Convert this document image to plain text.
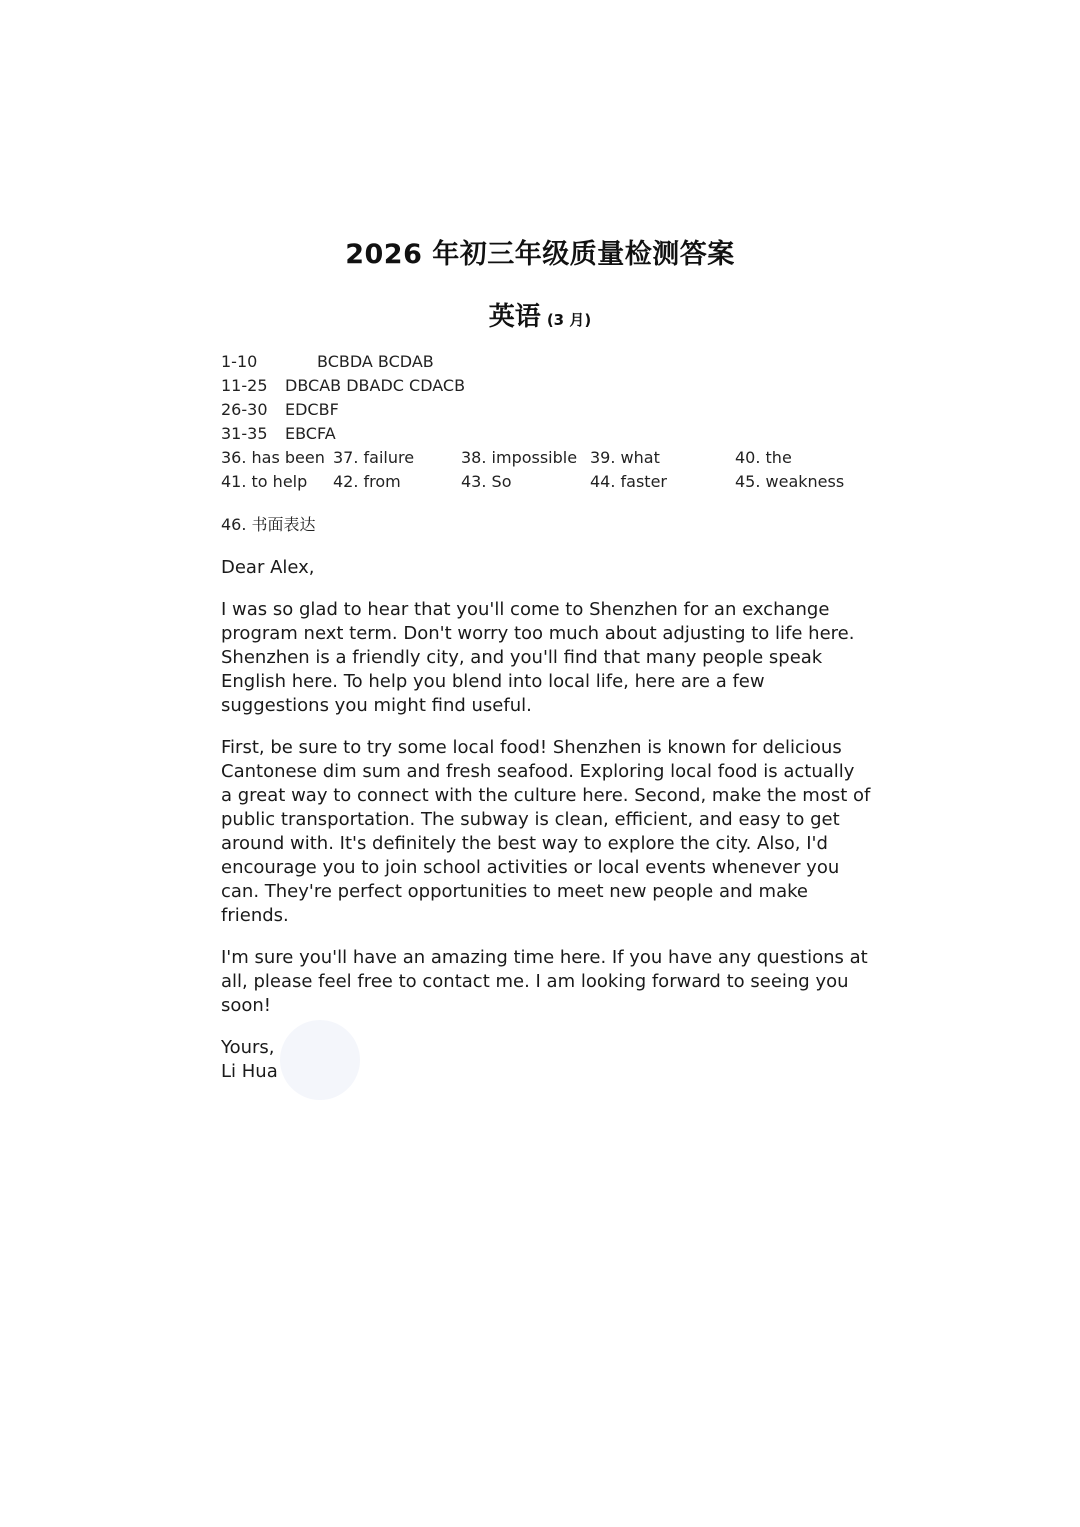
2026 年初三年级质量检测答案
英语 (3 月)
1-10	BCBDA BCDAB
11-25 DBCAB DBADC CDACB
26-30 EDCBF
31-35 EBCFA
36. has been 37. failure	38. impossible 39. what	40. the
41. to help 42. from	43. So	44. faster	45. weakness
46. 书面表达

Dear Alex,

I was so glad to hear that you'll come to Shenzhen for an exchange program next term. Don't worry too much about adjusting to life here. Shenzhen is a friendly city, and you'll find that many people speak English here. To help you blend into local life, here are a few suggestions you might find useful.

First, be sure to try some local food! Shenzhen is known for delicious Cantonese dim sum and fresh seafood. Exploring local food is actually a great way to connect with the culture here. Second, make the most of public transportation. The subway is clean, efficient, and easy to get around with. It's definitely the best way to explore the city. Also, I'd encourage you to join school activities or local events whenever you can. They're perfect opportunities to meet new people and make friends.

I'm sure you'll have an amazing time here. If you have any questions at all, please feel free to contact me. I am looking forward to seeing you soon!

Yours,

Li Hua
